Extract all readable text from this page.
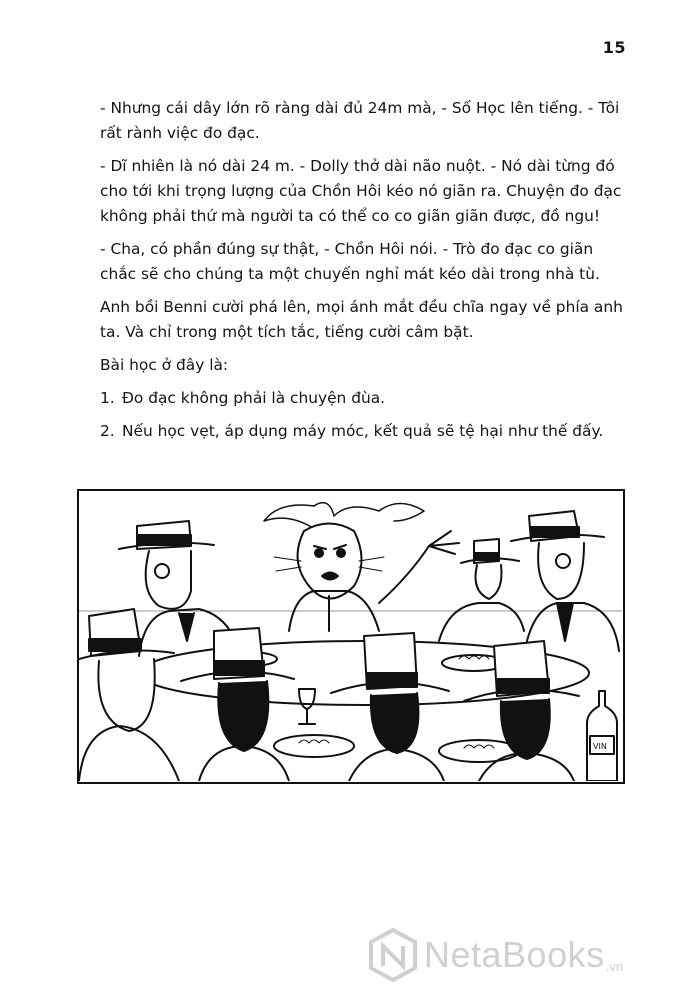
15

- Nhưng cái dây lớn rõ ràng dài đủ 24m mà, - Số Học lên tiếng. - Tôi rất rành việc đo đạc.

- Dĩ nhiên là nó dài 24 m. - Dolly thở dài não nuột. - Nó dài từng đó cho tới khi trọng lượng của Chồn Hôi kéo nó giãn ra. Chuyện đo đạc không phải thứ mà người ta có thể co co giãn giãn được, đồ ngu!

- Cha, có phần đúng sự thật, - Chồn Hôi nói. - Trò đo đạc co giãn chắc sẽ cho chúng ta một chuyến nghỉ mát kéo dài trong nhà tù.

Anh bồi Benni cười phá lên, mọi ánh mắt đều chĩa ngay về phía anh ta. Và chỉ trong một tích tắc, tiếng cười câm bặt.

Bài học ở đây là:

1. Đo đạc không phải là chuyện đùa.
2. Nếu học vẹt, áp dụng máy móc, kết quả sẽ tệ hại như thế đấy.
VIN
NetaBooks .vn
